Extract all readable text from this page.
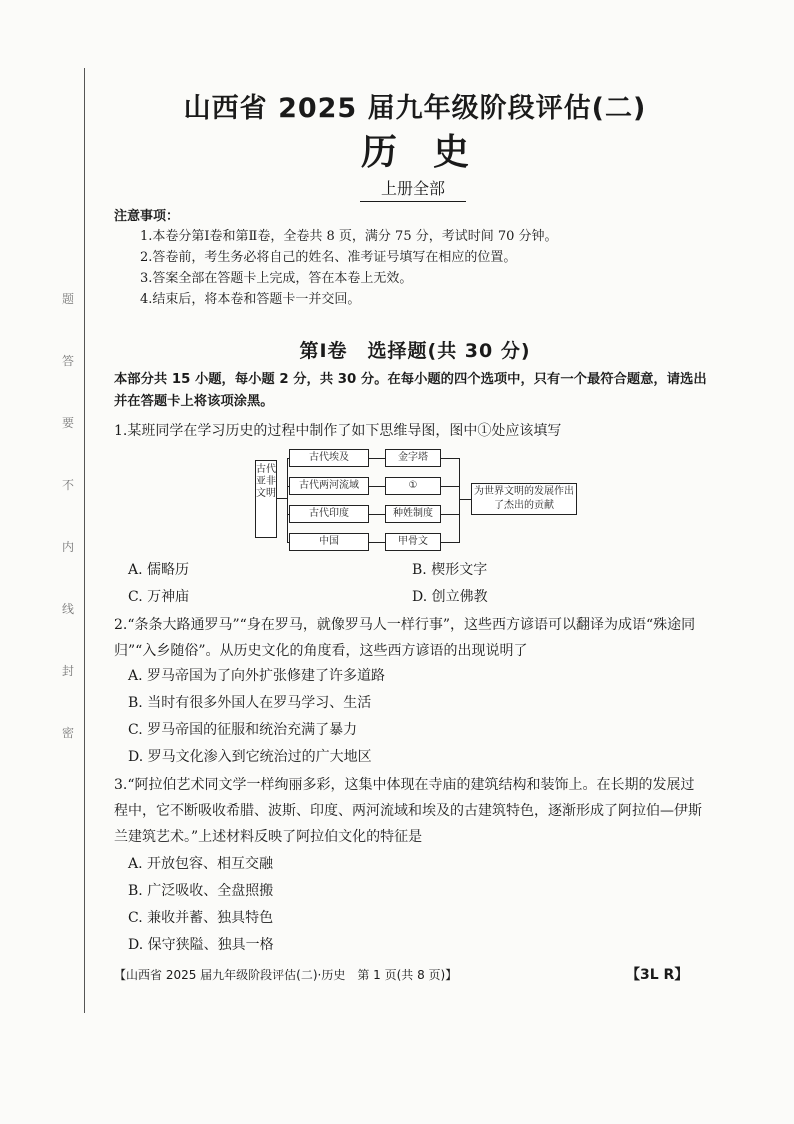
题
答
要
不
内
线
封
密
山西省 2025 届九年级阶段评估(二)
历　史
上册全部
注意事项：
1.本卷分第Ⅰ卷和第Ⅱ卷，全卷共 8 页，满分 75 分，考试时间 70 分钟。
2.答卷前，考生务必将自己的姓名、准考证号填写在相应的位置。
3.答案全部在答题卡上完成，答在本卷上无效。
4.结束后，将本卷和答题卡一并交回。
第Ⅰ卷　选择题(共 30 分)
本部分共 15 小题，每小题 2 分，共 30 分。在每小题的四个选项中，只有一个最符合题意，请选出并在答题卡上将该项涂黑。
1.某班同学在学习历史的过程中制作了如下思维导图，图中①处应该填写
古代亚非文明
古代埃及	金字塔
古代两河流域	①
古代印度	种姓制度
中国	甲骨文
为世界文明的发展作出了杰出的贡献
A. 儒略历	B. 楔形文字
C. 万神庙	D. 创立佛教
2.“条条大路通罗马”“身在罗马，就像罗马人一样行事”，这些西方谚语可以翻译为成语“殊途同归”“入乡随俗”。从历史文化的角度看，这些西方谚语的出现说明了
A. 罗马帝国为了向外扩张修建了许多道路
B. 当时有很多外国人在罗马学习、生活
C. 罗马帝国的征服和统治充满了暴力
D. 罗马文化渗入到它统治过的广大地区
3.“阿拉伯艺术同文学一样绚丽多彩，这集中体现在寺庙的建筑结构和装饰上。在长期的发展过程中，它不断吸收希腊、波斯、印度、两河流域和埃及的古建筑特色，逐渐形成了阿拉伯—伊斯兰建筑艺术。”上述材料反映了阿拉伯文化的特征是
A. 开放包容、相互交融
B. 广泛吸收、全盘照搬
C. 兼收并蓄、独具特色
D. 保守狭隘、独具一格
【山西省 2025 届九年级阶段评估(二)·历史　第 1 页(共 8 页)】	【3L R】
